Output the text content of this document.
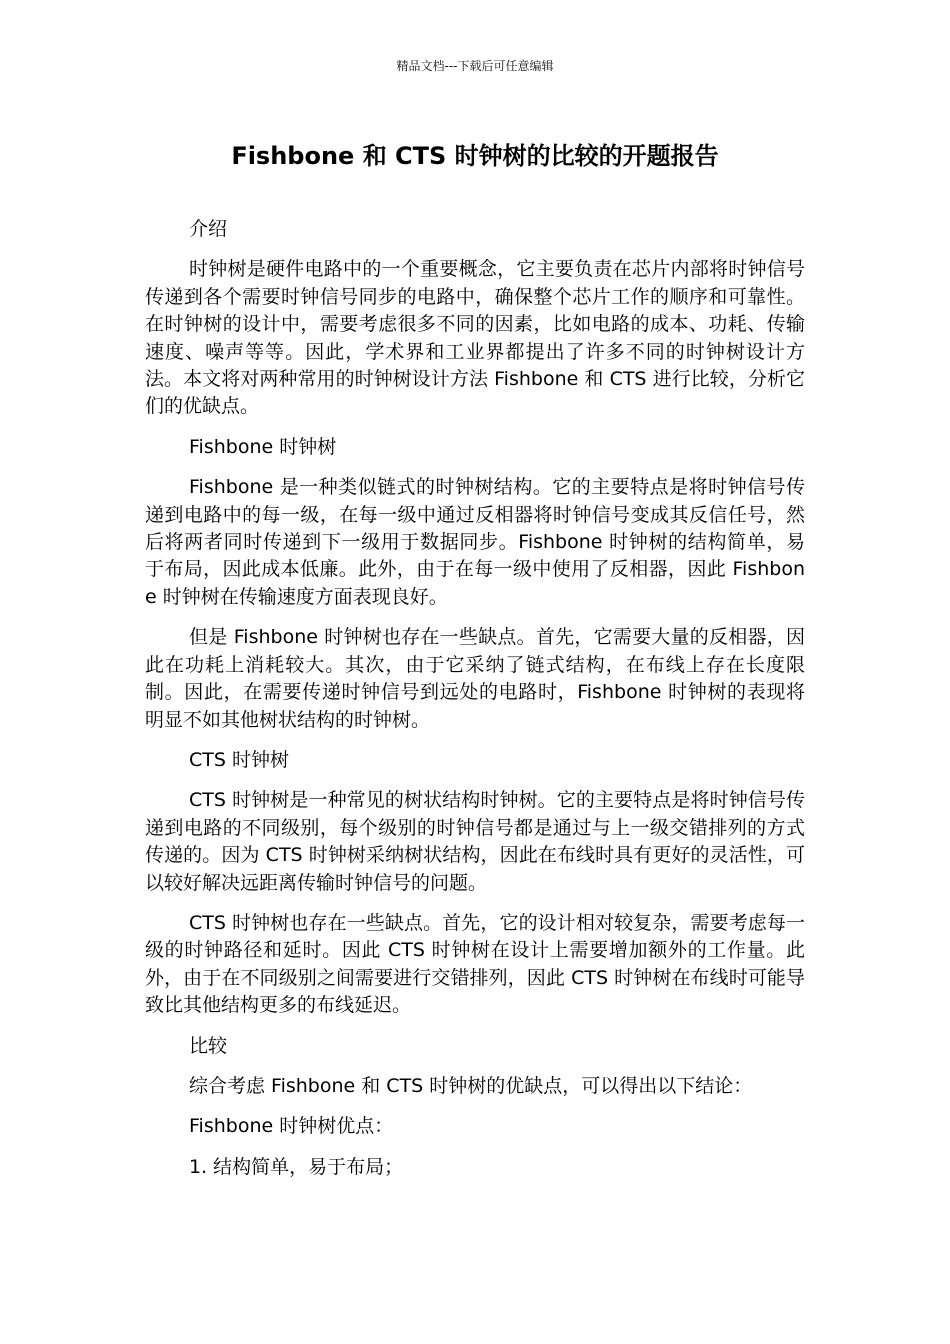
精品文档---下载后可任意编辑
Fishbone 和 CTS 时钟树的比较的开题报告

介绍

时钟树是硬件电路中的一个重要概念，它主要负责在芯片内部将时钟信号传递到各个需要时钟信号同步的电路中，确保整个芯片工作的顺序和可靠性。在时钟树的设计中，需要考虑很多不同的因素，比如电路的成本、功耗、传输速度、噪声等等。因此，学术界和工业界都提出了许多不同的时钟树设计方法。本文将对两种常用的时钟树设计方法 Fishbone 和 CTS 进行比较，分析它们的优缺点。

Fishbone 时钟树

Fishbone 是一种类似链式的时钟树结构。它的主要特点是将时钟信号传递到电路中的每一级，在每一级中通过反相器将时钟信号变成其反信任号，然后将两者同时传递到下一级用于数据同步。Fishbone 时钟树的结构简单，易于布局，因此成本低廉。此外，由于在每一级中使用了反相器，因此 Fishbone 时钟树在传输速度方面表现良好。

但是 Fishbone 时钟树也存在一些缺点。首先，它需要大量的反相器，因此在功耗上消耗较大。其次，由于它采纳了链式结构，在布线上存在长度限制。因此，在需要传递时钟信号到远处的电路时，Fishbone 时钟树的表现将明显不如其他树状结构的时钟树。

CTS 时钟树

CTS 时钟树是一种常见的树状结构时钟树。它的主要特点是将时钟信号传递到电路的不同级别，每个级别的时钟信号都是通过与上一级交错排列的方式传递的。因为 CTS 时钟树采纳树状结构，因此在布线时具有更好的灵活性，可以较好解决远距离传输时钟信号的问题。

CTS 时钟树也存在一些缺点。首先，它的设计相对较复杂，需要考虑每一级的时钟路径和延时。因此 CTS 时钟树在设计上需要增加额外的工作量。此外，由于在不同级别之间需要进行交错排列，因此 CTS 时钟树在布线时可能导致比其他结构更多的布线延迟。

比较

综合考虑 Fishbone 和 CTS 时钟树的优缺点，可以得出以下结论：

Fishbone 时钟树优点：

1. 结构简单，易于布局；
